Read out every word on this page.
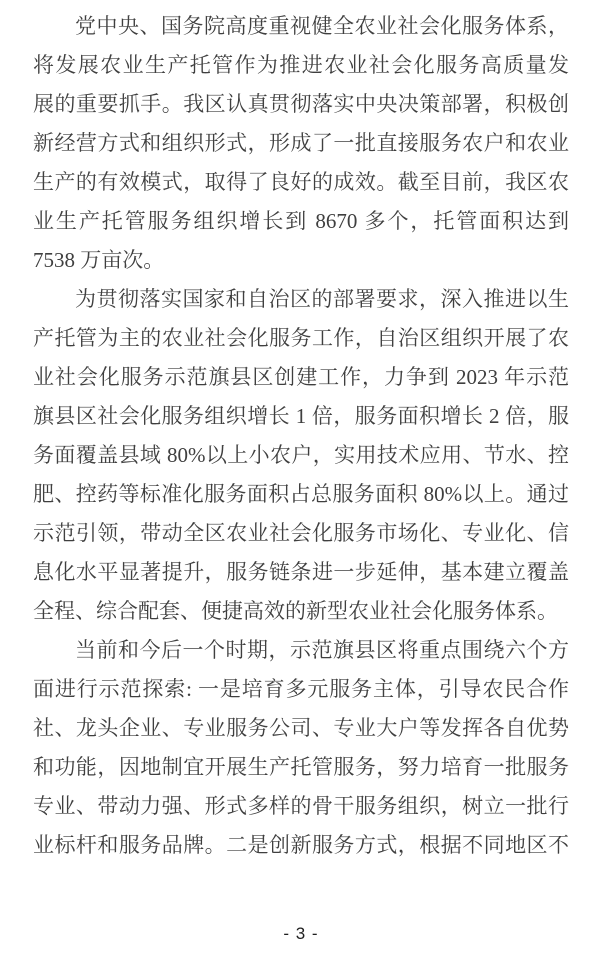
党中央、国务院高度重视健全农业社会化服务体系，
将发展农业生产托管作为推进农业社会化服务高质量发
展的重要抓手。我区认真贯彻落实中央决策部署，积极创
新经营方式和组织形式，形成了一批直接服务农户和农业
生产的有效模式，取得了良好的成效。截至目前，我区农
业生产托管服务组织增长到 8670 多个，托管面积达到
7538 万亩次。
为贯彻落实国家和自治区的部署要求，深入推进以生
产托管为主的农业社会化服务工作，自治区组织开展了农
业社会化服务示范旗县区创建工作，力争到 2023 年示范
旗县区社会化服务组织增长 1 倍，服务面积增长 2 倍，服
务面覆盖县域 80%以上小农户，实用技术应用、节水、控
肥、控药等标准化服务面积占总服务面积 80%以上。通过
示范引领，带动全区农业社会化服务市场化、专业化、信
息化水平显著提升，服务链条进一步延伸，基本建立覆盖
全程、综合配套、便捷高效的新型农业社会化服务体系。
当前和今后一个时期，示范旗县区将重点围绕六个方
面进行示范探索: 一是培育多元服务主体，引导农民合作
社、龙头企业、专业服务公司、专业大户等发挥各自优势
和功能，因地制宜开展生产托管服务，努力培育一批服务
专业、带动力强、形式多样的骨干服务组织，树立一批行
业标杆和服务品牌。二是创新服务方式，根据不同地区不
- 3 -
